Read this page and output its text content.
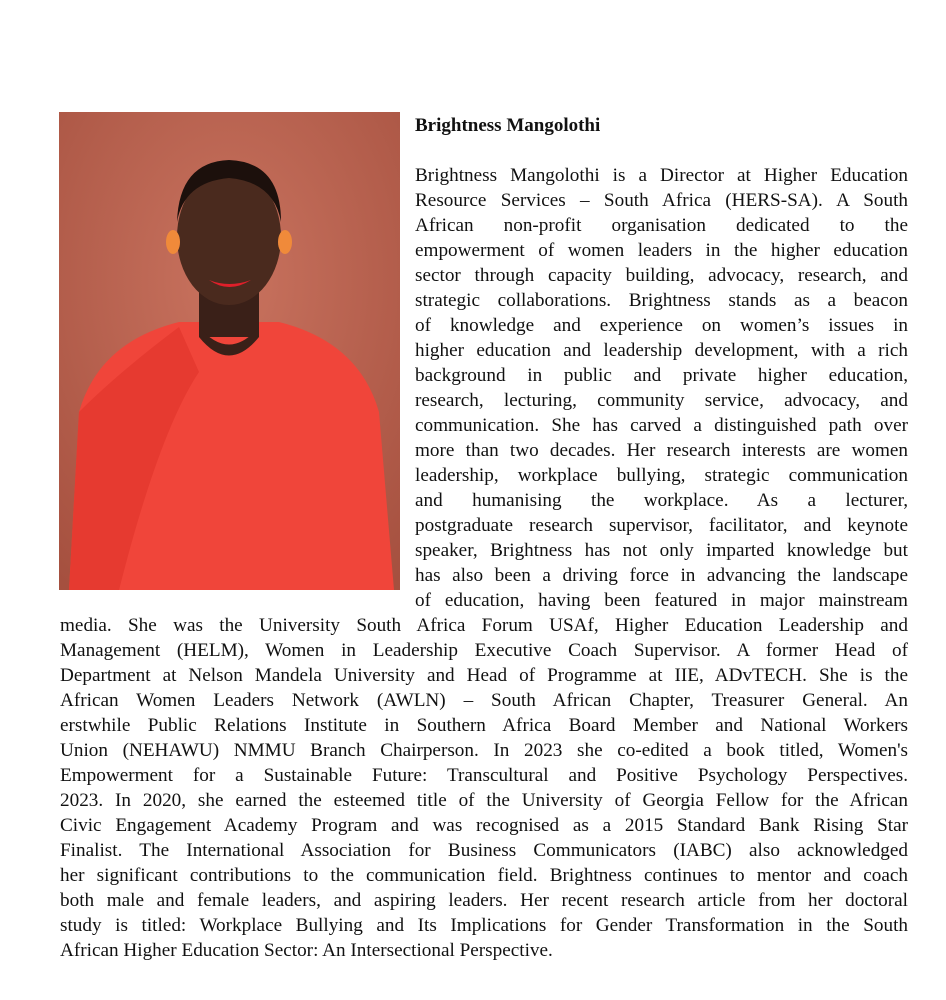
Brightness Mangolothi
Brightness Mangolothi is a Director at Higher Education
Resource Services – South Africa (HERS-SA). A South
African non-profit organisation dedicated to the
empowerment of women leaders in the higher education
sector through capacity building, advocacy, research, and
strategic collaborations. Brightness stands as a beacon
of knowledge and experience on women’s issues in
higher education and leadership development, with a rich
background in public and private higher education,
research, lecturing, community service, advocacy, and
communication. She has carved a distinguished path over
more than two decades. Her research interests are women
leadership, workplace bullying, strategic communication
and humanising the workplace. As a lecturer,
postgraduate research supervisor, facilitator, and keynote
speaker, Brightness has not only imparted knowledge but
has also been a driving force in advancing the landscape
of education, having been featured in major mainstream
media. She was the University South Africa Forum USAf, Higher Education Leadership and
Management (HELM), Women in Leadership Executive Coach Supervisor. A former Head of
Department at Nelson Mandela University and Head of Programme at IIE, ADvTECH. She is the
African Women Leaders Network (AWLN) – South African Chapter, Treasurer General. An
erstwhile Public Relations Institute in Southern Africa Board Member and National Workers
Union (NEHAWU) NMMU Branch Chairperson. In 2023 she co-edited a book titled, Women's
Empowerment for a Sustainable Future: Transcultural and Positive Psychology Perspectives.
2023. In 2020, she earned the esteemed title of the University of Georgia Fellow for the African
Civic Engagement Academy Program and was recognised as a 2015 Standard Bank Rising Star
Finalist. The International Association for Business Communicators (IABC) also acknowledged
her significant contributions to the communication field. Brightness continues to mentor and coach
both male and female leaders, and aspiring leaders. Her recent research article from her doctoral
study is titled: Workplace Bullying and Its Implications for Gender Transformation in the South
African Higher Education Sector: An Intersectional Perspective.
